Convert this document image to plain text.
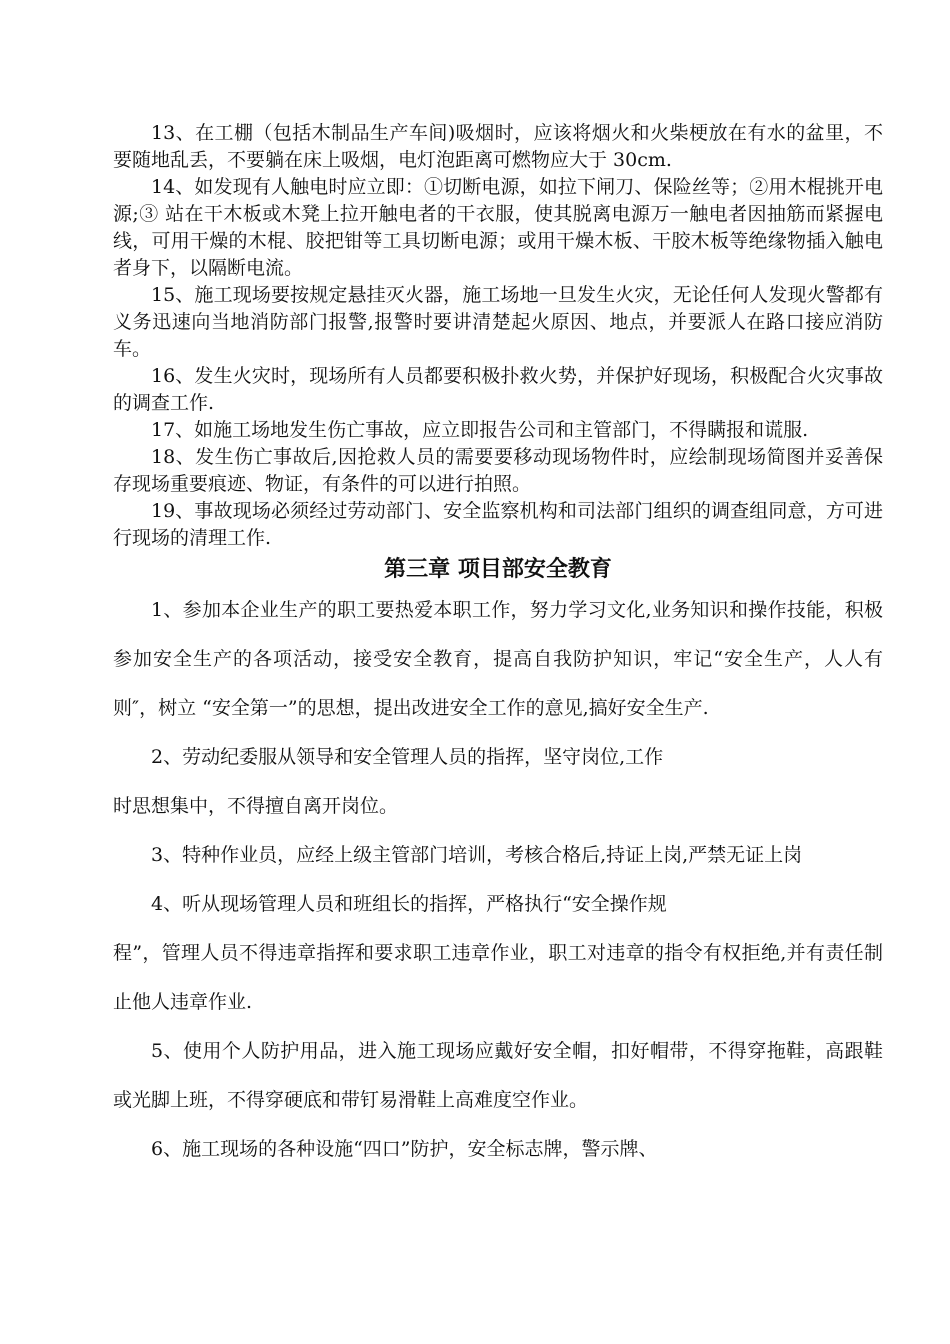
13、在工棚（包括木制品生产车间)吸烟时，应该将烟火和火柴梗放在有水的盆里，不要随地乱丢，不要躺在床上吸烟，电灯泡距离可燃物应大于 30cm.

14、如发现有人触电时应立即：①切断电源，如拉下闸刀、保险丝等；②用木棍挑开电源;③ 站在干木板或木凳上拉开触电者的干衣服，使其脱离电源万一触电者因抽筋而紧握电线，可用干燥的木棍、胶把钳等工具切断电源；或用干燥木板、干胶木板等绝缘物插入触电者身下，以隔断电流。

15、施工现场要按规定悬挂灭火器，施工场地一旦发生火灾，无论任何人发现火警都有义务迅速向当地消防部门报警,报警时要讲清楚起火原因、地点，并要派人在路口接应消防车。

16、发生火灾时，现场所有人员都要积极扑救火势，并保护好现场，积极配合火灾事故的调查工作.

17、如施工场地发生伤亡事故，应立即报告公司和主管部门，不得瞒报和谎服.

18、发生伤亡事故后,因抢救人员的需要要移动现场物件时，应绘制现场简图并妥善保存现场重要痕迹、物证，有条件的可以进行拍照。

19、事故现场必须经过劳动部门、安全监察机构和司法部门组织的调查组同意，方可进行现场的清理工作.

第三章 项目部安全教育

1、参加本企业生产的职工要热爱本职工作，努力学习文化,业务知识和操作技能，积极参加安全生产的各项活动，接受安全教育，提高自我防护知识，牢记“安全生产，人人有则″，树立 “安全第一”的思想，提出改进安全工作的意见,搞好安全生产.

2、劳动纪委服从领导和安全管理人员的指挥，坚守岗位,工作

时思想集中，不得擅自离开岗位。

3、特种作业员，应经上级主管部门培训，考核合格后,持证上岗,严禁无证上岗

4、听从现场管理人员和班组长的指挥，严格执行“安全操作规

程”，管理人员不得违章指挥和要求职工违章作业，职工对违章的指令有权拒绝,并有责任制止他人违章作业.

5、使用个人防护用品，进入施工现场应戴好安全帽，扣好帽带，不得穿拖鞋，高跟鞋或光脚上班，不得穿硬底和带钉易滑鞋上高难度空作业。

6、施工现场的各种设施“四口”防护，安全标志牌，警示牌、
